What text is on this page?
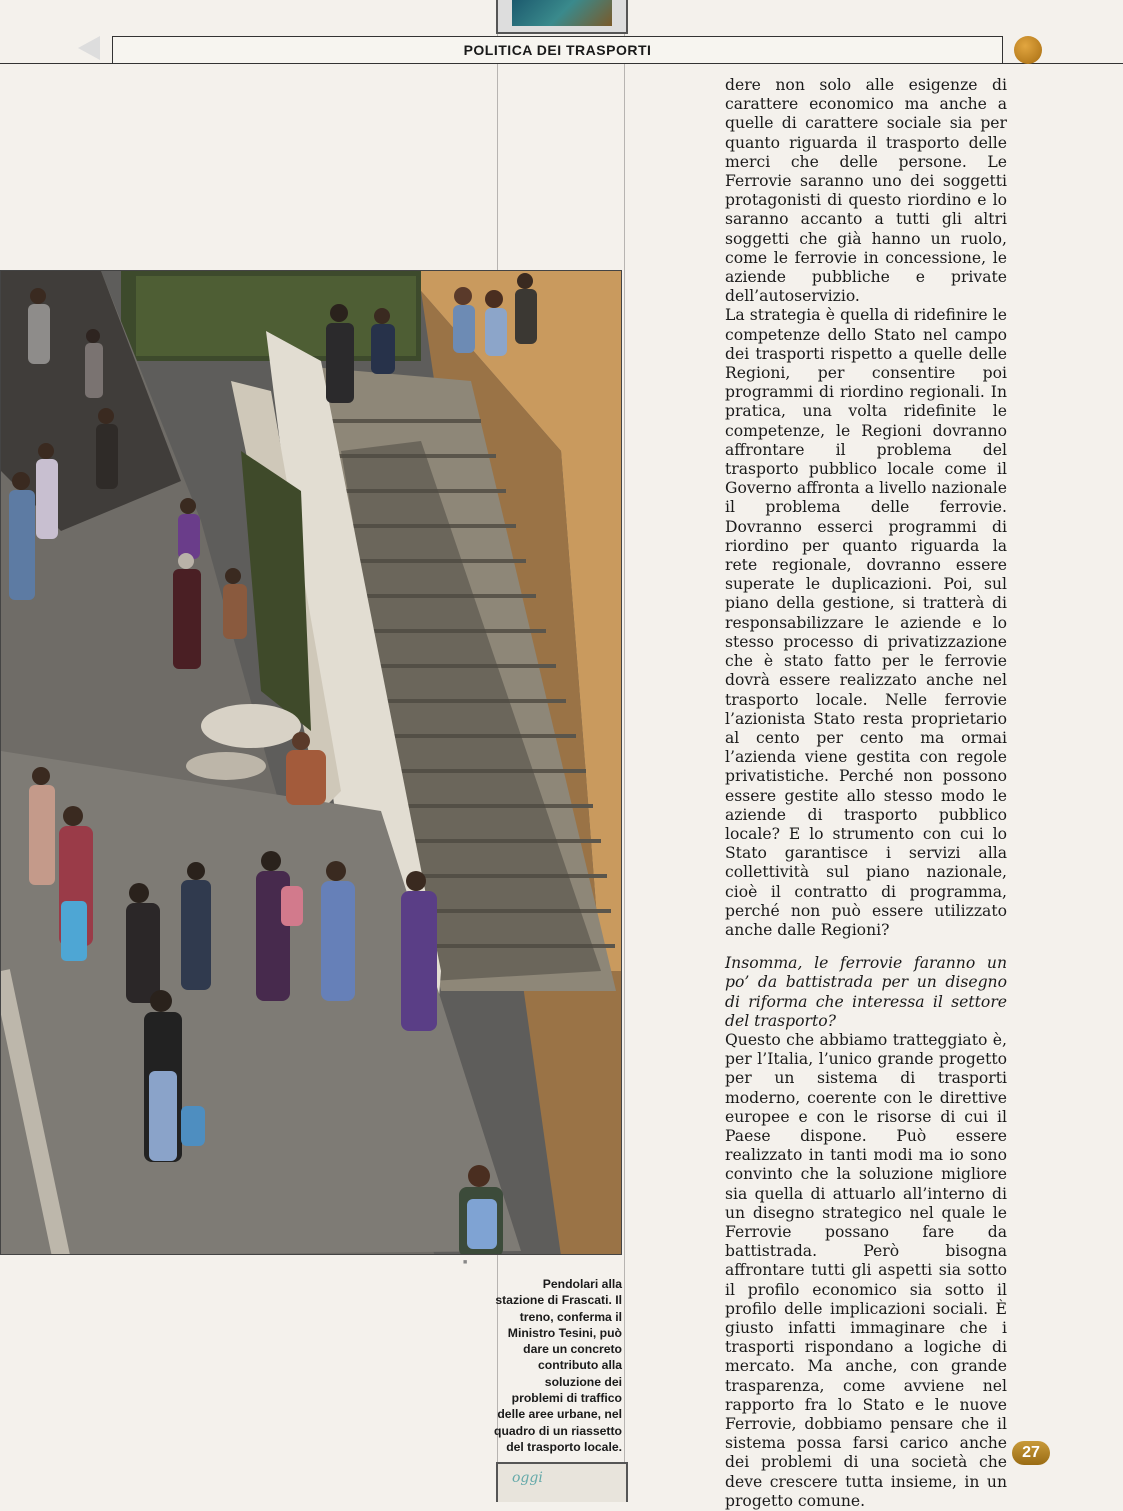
POLITICA DEI TRASPORTI
■
Pendolari alla
stazione di Frascati. Il
treno, conferma il
Ministro Tesini, può
dare un concreto
contributo alla
soluzione dei
problemi di traffico
delle aree urbane, nel
quadro di un riassetto
del trasporto locale.

dere non solo alle esigenze di carattere economico ma anche a quelle di carattere sociale sia per quanto riguarda il trasporto delle merci che delle persone. Le Ferrovie saranno uno dei soggetti protagonisti di questo riordino e lo saranno accanto a tutti gli altri soggetti che già hanno un ruolo, come le ferrovie in concessione, le aziende pubbliche e private dell’autoservizio.

La strategia è quella di ridefinire le competenze dello Stato nel campo dei trasporti rispetto a quelle delle Regioni, per consentire poi programmi di riordino regionali. In pratica, una volta ridefinite le competenze, le Regioni dovranno affrontare il problema del trasporto pubblico locale come il Governo affronta a livello nazionale il problema delle ferrovie. Dovranno esserci programmi di riordino per quanto riguarda la rete regionale, dovranno essere superate le duplicazioni. Poi, sul piano della gestione, si tratterà di responsabilizzare le aziende e lo stesso processo di privatizzazione che è stato fatto per le ferrovie dovrà essere realizzato anche nel trasporto locale. Nelle ferrovie l’azionista Stato resta proprietario al cento per cento ma ormai l’azienda viene gestita con regole privatistiche. Perché non possono essere gestite allo stesso modo le aziende di trasporto pubblico locale? E lo strumento con cui lo Stato garantisce i servizi alla collettività sul piano nazionale, cioè il contratto di programma, perché non può essere utilizzato anche dalle Regioni?

Insomma, le ferrovie faranno un po’ da battistrada per un disegno di riforma che interessa il settore del trasporto?

Questo che abbiamo tratteggiato è, per l’Italia, l’unico grande progetto per un sistema di trasporti moderno, coerente con le direttive europee e con le risorse di cui il Paese dispone. Può essere realizzato in tanti modi ma io sono convinto che la soluzione migliore sia quella di attuarlo all’interno di un disegno strategico nel quale le Ferrovie possano fare da battistrada. Però bisogna affrontare tutti gli aspetti sia sotto il profilo economico sia sotto il profilo delle implicazioni sociali. È giusto infatti immaginare che i trasporti rispondano a logiche di mercato. Ma anche, con grande trasparenza, come avviene nel rapporto fra lo Stato e le nuove Ferrovie, dobbiamo pensare che il sistema possa farsi carico anche dei problemi di una società che deve crescere tutta insieme, in un progetto comune.

27
oggi
